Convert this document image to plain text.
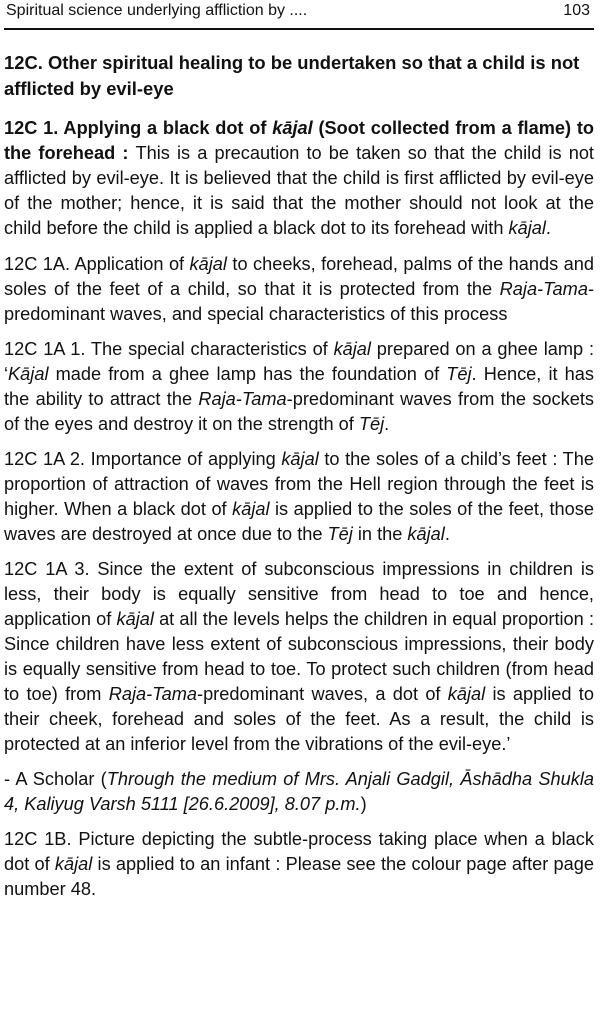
Spiritual science underlying affliction by ....	103
12C. Other spiritual healing to be undertaken so that a child is not afflicted by evil-eye

12C 1. Applying a black dot of kājal (Soot collected from a flame) to the forehead : This is a precaution to be taken so that the child is not afflicted by evil-eye. It is believed that the child is first afflicted by evil-eye of the mother; hence, it is said that the mother should not look at the child before the child is applied a black dot to its forehead with kājal.

12C 1A. Application of kājal to cheeks, forehead, palms of the hands and soles of the feet of a child, so that it is protected from the Raja-Tama-predominant waves, and special characteristics of this process

12C 1A 1. The special characteristics of kājal prepared on a ghee lamp : ‘Kājal made from a ghee lamp has the foundation of Tēj. Hence, it has the ability to attract the Raja-Tama-predominant waves from the sockets of the eyes and destroy it on the strength of Tēj.

12C 1A 2. Importance of applying kājal to the soles of a child’s feet : The proportion of attraction of waves from the Hell region through the feet is higher. When a black dot of kājal is applied to the soles of the feet, those waves are destroyed at once due to the Tēj in the kājal.

12C 1A 3. Since the extent of subconscious impressions in children is less, their body is equally sensitive from head to toe and hence, application of kājal at all the levels helps the children in equal proportion : Since children have less extent of subconscious impressions, their body is equally sensitive from head to toe. To protect such children (from head to toe) from Raja-Tama-predominant waves, a dot of kājal is applied to their cheek, forehead and soles of the feet. As a result, the child is protected at an inferior level from the vibrations of the evil-eye.’

- A Scholar (Through the medium of Mrs. Anjali Gadgil, Āshādha Shukla 4, Kaliyug Varsh 5111 [26.6.2009], 8.07 p.m.)

12C 1B. Picture depicting the subtle-process taking place when a black dot of kājal is applied to an infant : Please see the colour page after page number 48.
